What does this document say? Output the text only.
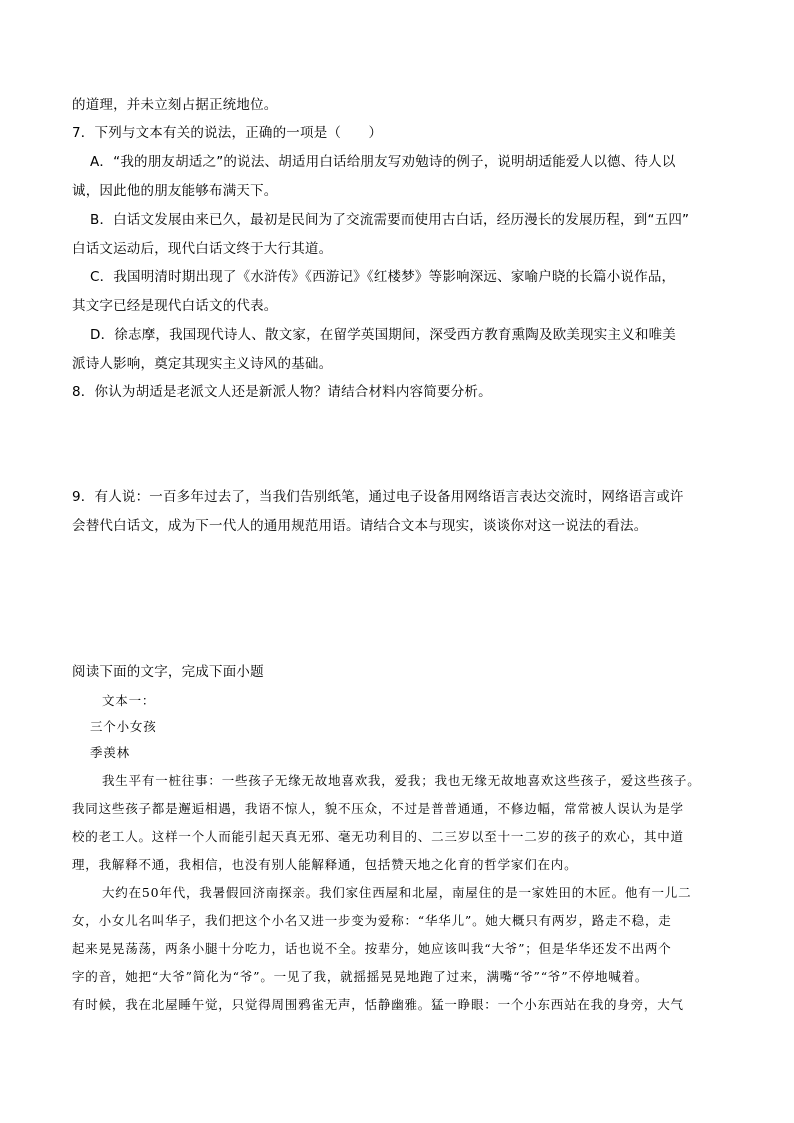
的道理，并未立刻占据正统地位。
7．下列与文本有关的说法，正确的一项是（　　）
A．“我的朋友胡适之”的说法、胡适用白话给朋友写劝勉诗的例子，说明胡适能爱人以德、待人以
诚，因此他的朋友能够布满天下。
B．白话文发展由来已久，最初是民间为了交流需要而使用古白话，经历漫长的发展历程，到“五四”
白话文运动后，现代白话文终于大行其道。
C．我国明清时期出现了《水浒传》《西游记》《红楼梦》等影响深远、家喻户晓的长篇小说作品，
其文字已经是现代白话文的代表。
D．徐志摩，我国现代诗人、散文家，在留学英国期间，深受西方教育熏陶及欧美现实主义和唯美
派诗人影响，奠定其现实主义诗风的基础。
8．你认为胡适是老派文人还是新派人物？请结合材料内容简要分析。
9．有人说：一百多年过去了，当我们告别纸笔，通过电子设备用网络语言表达交流时，网络语言或许
会替代白话文，成为下一代人的通用规范用语。请结合文本与现实，谈谈你对这一说法的看法。
阅读下面的文字，完成下面小题
文本一：
三个小女孩
季羡林
我生平有一桩往事：一些孩子无缘无故地喜欢我，爱我；我也无缘无故地喜欢这些孩子，爱这些孩子。
我同这些孩子都是邂逅相遇，我语不惊人，貌不压众，不过是普普通通，不修边幅，常常被人误认为是学
校的老工人。这样一个人而能引起天真无邪、毫无功利目的、二三岁以至十一二岁的孩子的欢心，其中道
理，我解释不通，我相信，也没有别人能解释通，包括赞天地之化育的哲学家们在内。
大约在50年代，我暑假回济南探亲。我们家住西屋和北屋，南屋住的是一家姓田的木匠。他有一儿二
女，小女儿名叫华子，我们把这个小名又进一步变为爱称：“华华儿”。她大概只有两岁，路走不稳，走
起来晃晃荡荡，两条小腿十分吃力，话也说不全。按辈分，她应该叫我“大爷”；但是华华还发不出两个
字的音，她把“大爷”简化为“爷”。一见了我，就摇摇晃晃地跑了过来，满嘴“爷”“爷”不停地喊着。
有时候，我在北屋睡午觉，只觉得周围鸦雀无声，恬静幽雅。猛一睁眼：一个小东西站在我的身旁，大气
